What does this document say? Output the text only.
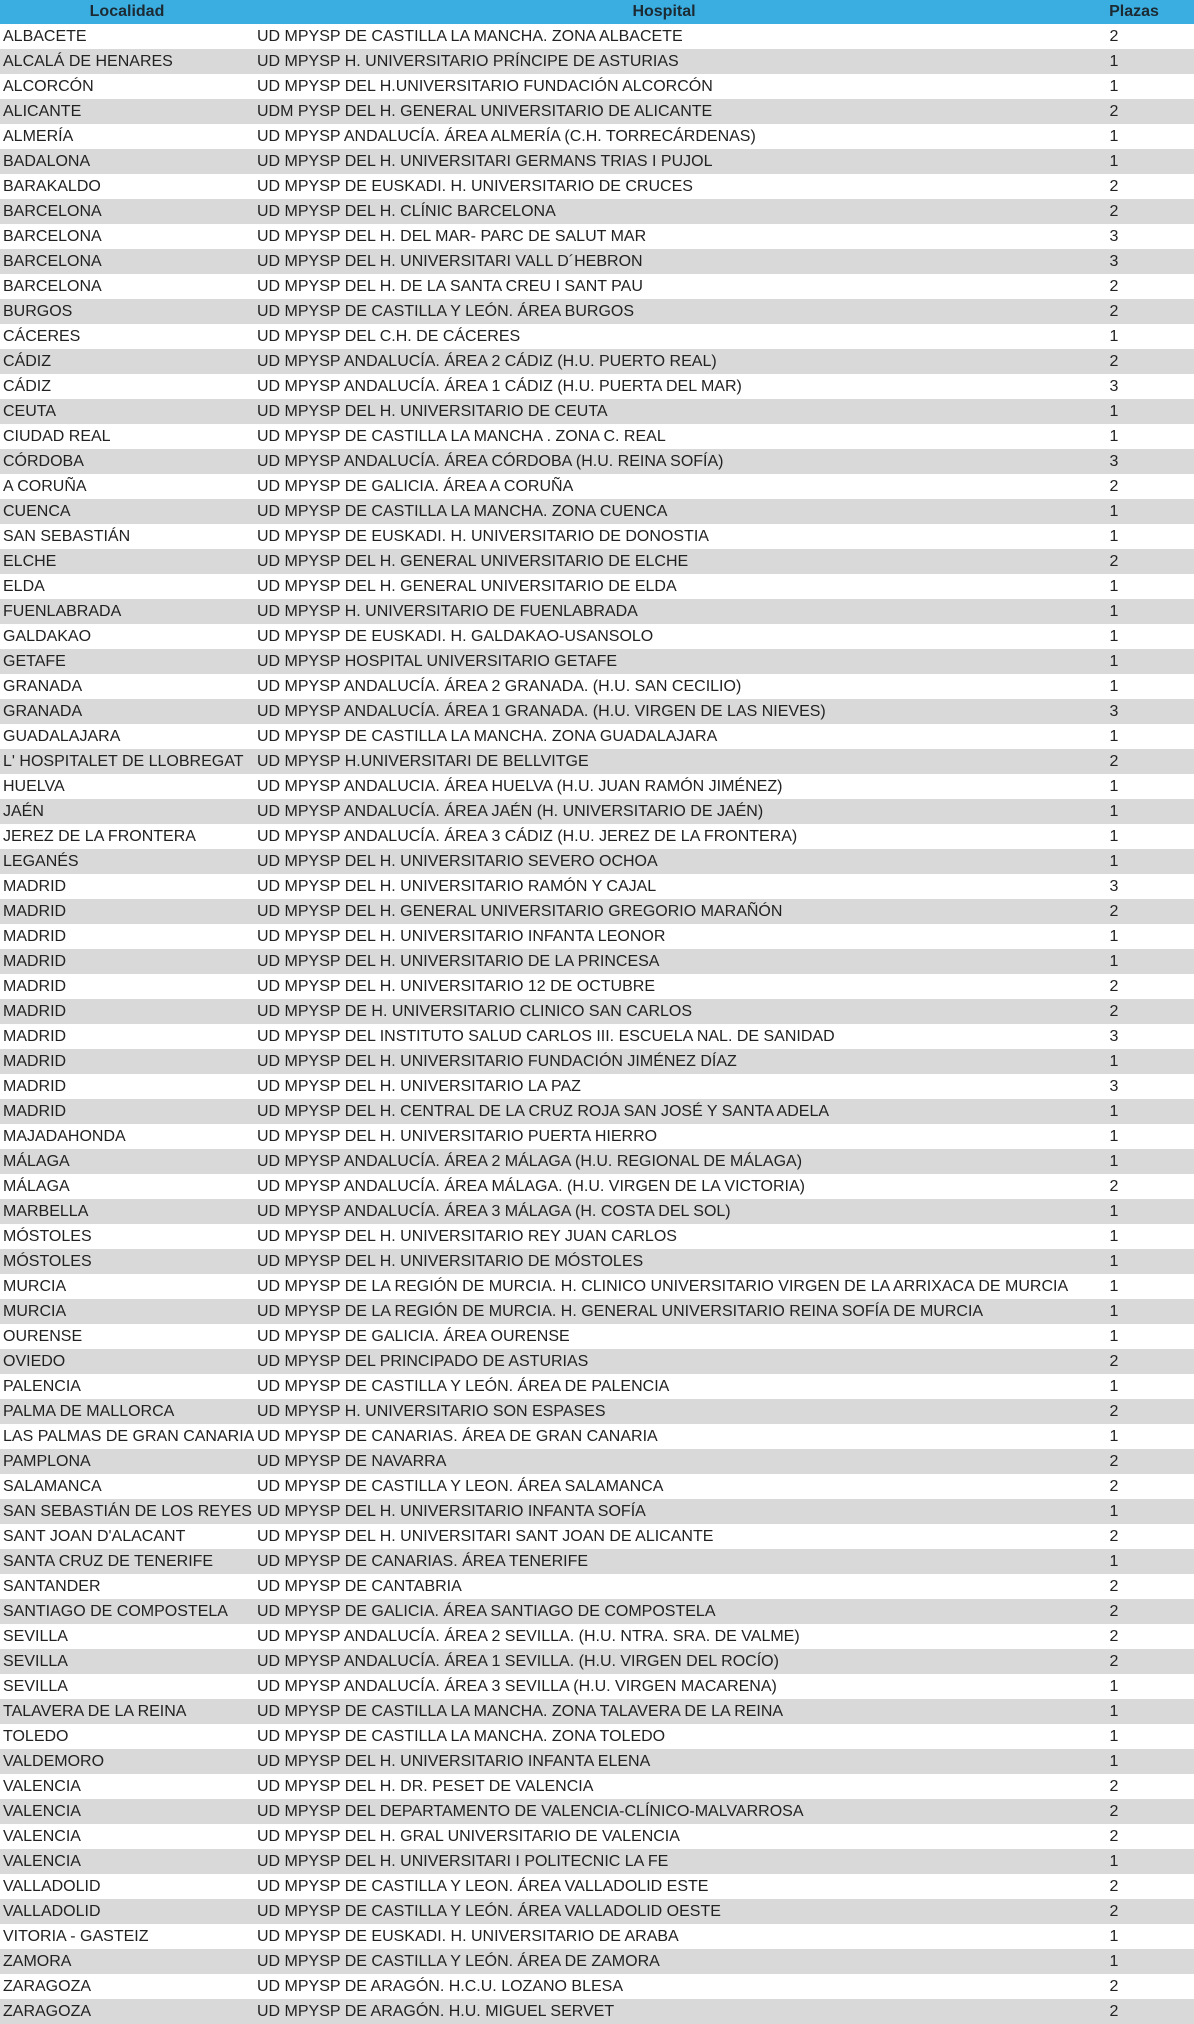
Localidad	Hospital	Plazas
ALBACETE	UD MPYSP DE CASTILLA LA MANCHA. ZONA ALBACETE	2
ALCALÁ DE HENARES	UD MPYSP H. UNIVERSITARIO PRÍNCIPE DE ASTURIAS	1
ALCORCÓN	UD MPYSP DEL H.UNIVERSITARIO FUNDACIÓN ALCORCÓN	1
ALICANTE	UDM PYSP DEL H. GENERAL UNIVERSITARIO DE ALICANTE	2
ALMERÍA	UD MPYSP ANDALUCÍA. ÁREA ALMERÍA (C.H. TORRECÁRDENAS)	1
BADALONA	UD MPYSP DEL H. UNIVERSITARI GERMANS TRIAS I PUJOL	1
BARAKALDO	UD MPYSP DE EUSKADI. H. UNIVERSITARIO DE CRUCES	2
BARCELONA	UD MPYSP DEL H. CLÍNIC BARCELONA	2
BARCELONA	UD MPYSP DEL H. DEL MAR- PARC DE SALUT MAR	3
BARCELONA	UD MPYSP DEL H. UNIVERSITARI VALL D´HEBRON	3
BARCELONA	UD MPYSP DEL H. DE LA SANTA CREU I SANT PAU	2
BURGOS	UD MPYSP DE CASTILLA Y LEÓN. ÁREA BURGOS	2
CÁCERES	UD MPYSP DEL C.H. DE CÁCERES	1
CÁDIZ	UD MPYSP ANDALUCÍA. ÁREA 2 CÁDIZ (H.U. PUERTO REAL)	2
CÁDIZ	UD MPYSP ANDALUCÍA. ÁREA 1 CÁDIZ (H.U. PUERTA DEL MAR)	3
CEUTA	UD MPYSP DEL H. UNIVERSITARIO DE CEUTA	1
CIUDAD REAL	UD MPYSP DE CASTILLA LA MANCHA . ZONA C. REAL	1
CÓRDOBA	UD MPYSP ANDALUCÍA. ÁREA CÓRDOBA (H.U. REINA SOFÍA)	3
A CORUÑA	UD MPYSP DE GALICIA. ÁREA A CORUÑA	2
CUENCA	UD MPYSP DE CASTILLA LA MANCHA. ZONA CUENCA	1
SAN SEBASTIÁN	UD MPYSP DE EUSKADI. H. UNIVERSITARIO DE DONOSTIA	1
ELCHE	UD MPYSP DEL H. GENERAL UNIVERSITARIO DE ELCHE	2
ELDA	UD MPYSP DEL H. GENERAL UNIVERSITARIO DE ELDA	1
FUENLABRADA	UD MPYSP H. UNIVERSITARIO DE FUENLABRADA	1
GALDAKAO	UD MPYSP DE EUSKADI. H. GALDAKAO-USANSOLO	1
GETAFE	UD MPYSP HOSPITAL UNIVERSITARIO GETAFE	1
GRANADA	UD MPYSP ANDALUCÍA. ÁREA 2 GRANADA. (H.U. SAN CECILIO)	1
GRANADA	UD MPYSP ANDALUCÍA. ÁREA 1 GRANADA. (H.U. VIRGEN DE LAS NIEVES)	3
GUADALAJARA	UD MPYSP DE CASTILLA LA MANCHA. ZONA GUADALAJARA	1
L' HOSPITALET DE LLOBREGAT	UD MPYSP H.UNIVERSITARI DE BELLVITGE	2
HUELVA	UD MPYSP ANDALUCIA. ÁREA HUELVA (H.U. JUAN RAMÓN JIMÉNEZ)	1
JAÉN	UD MPYSP ANDALUCÍA. ÁREA JAÉN (H. UNIVERSITARIO DE JAÉN)	1
JEREZ DE LA FRONTERA	UD MPYSP ANDALUCÍA. ÁREA 3 CÁDIZ (H.U. JEREZ DE LA FRONTERA)	1
LEGANÉS	UD MPYSP DEL H. UNIVERSITARIO SEVERO OCHOA	1
MADRID	UD MPYSP DEL H. UNIVERSITARIO RAMÓN Y CAJAL	3
MADRID	UD MPYSP DEL H. GENERAL UNIVERSITARIO GREGORIO MARAÑÓN	2
MADRID	UD MPYSP DEL H. UNIVERSITARIO INFANTA LEONOR	1
MADRID	UD MPYSP DEL H. UNIVERSITARIO DE LA PRINCESA	1
MADRID	UD MPYSP DEL H. UNIVERSITARIO 12 DE OCTUBRE	2
MADRID	UD MPYSP DE H. UNIVERSITARIO CLINICO SAN CARLOS	2
MADRID	UD MPYSP DEL INSTITUTO SALUD CARLOS III. ESCUELA NAL. DE SANIDAD	3
MADRID	UD MPYSP DEL H. UNIVERSITARIO FUNDACIÓN JIMÉNEZ DÍAZ	1
MADRID	UD MPYSP DEL H. UNIVERSITARIO LA PAZ	3
MADRID	UD MPYSP DEL H. CENTRAL DE LA CRUZ ROJA SAN JOSÉ Y SANTA ADELA	1
MAJADAHONDA	UD MPYSP DEL H. UNIVERSITARIO PUERTA HIERRO	1
MÁLAGA	UD MPYSP ANDALUCÍA. ÁREA 2 MÁLAGA (H.U. REGIONAL DE MÁLAGA)	1
MÁLAGA	UD MPYSP ANDALUCÍA. ÁREA MÁLAGA. (H.U. VIRGEN DE LA VICTORIA)	2
MARBELLA	UD MPYSP ANDALUCÍA. ÁREA 3 MÁLAGA (H. COSTA DEL SOL)	1
MÓSTOLES	UD MPYSP DEL H. UNIVERSITARIO REY JUAN CARLOS	1
MÓSTOLES	UD MPYSP DEL H. UNIVERSITARIO DE MÓSTOLES	1
MURCIA	UD MPYSP DE LA REGIÓN DE MURCIA. H. CLINICO UNIVERSITARIO VIRGEN DE LA ARRIXACA DE MURCIA	1
MURCIA	UD MPYSP DE LA REGIÓN DE MURCIA. H. GENERAL UNIVERSITARIO REINA SOFÍA DE MURCIA	1
OURENSE	UD MPYSP DE GALICIA. ÁREA OURENSE	1
OVIEDO	UD MPYSP DEL PRINCIPADO DE ASTURIAS	2
PALENCIA	UD MPYSP DE CASTILLA Y LEÓN. ÁREA DE PALENCIA	1
PALMA DE MALLORCA	UD MPYSP H. UNIVERSITARIO SON ESPASES	2
LAS PALMAS DE GRAN CANARIA	UD MPYSP DE CANARIAS. ÁREA DE GRAN CANARIA	1
PAMPLONA	UD MPYSP DE NAVARRA	2
SALAMANCA	UD MPYSP DE CASTILLA Y LEON. ÁREA SALAMANCA	2
SAN SEBASTIÁN DE LOS REYES	UD MPYSP DEL H. UNIVERSITARIO INFANTA SOFÍA	1
SANT JOAN D'ALACANT	UD MPYSP DEL H. UNIVERSITARI SANT JOAN DE ALICANTE	2
SANTA CRUZ DE TENERIFE	UD MPYSP DE CANARIAS. ÁREA TENERIFE	1
SANTANDER	UD MPYSP DE CANTABRIA	2
SANTIAGO DE COMPOSTELA	UD MPYSP DE GALICIA. ÁREA SANTIAGO DE COMPOSTELA	2
SEVILLA	UD MPYSP ANDALUCÍA. ÁREA 2 SEVILLA. (H.U. NTRA. SRA. DE VALME)	2
SEVILLA	UD MPYSP ANDALUCÍA. ÁREA 1 SEVILLA. (H.U. VIRGEN DEL ROCÍO)	2
SEVILLA	UD MPYSP ANDALUCÍA. ÁREA 3 SEVILLA (H.U. VIRGEN MACARENA)	1
TALAVERA DE LA REINA	UD MPYSP DE CASTILLA LA MANCHA. ZONA TALAVERA DE LA REINA	1
TOLEDO	UD MPYSP DE CASTILLA LA MANCHA. ZONA TOLEDO	1
VALDEMORO	UD MPYSP DEL H. UNIVERSITARIO INFANTA ELENA	1
VALENCIA	UD MPYSP DEL H. DR. PESET DE VALENCIA	2
VALENCIA	UD MPYSP DEL DEPARTAMENTO DE VALENCIA-CLÍNICO-MALVARROSA	2
VALENCIA	UD MPYSP DEL H. GRAL UNIVERSITARIO DE VALENCIA	2
VALENCIA	UD MPYSP DEL H. UNIVERSITARI I POLITECNIC LA FE	1
VALLADOLID	UD MPYSP DE CASTILLA Y LEON. ÁREA VALLADOLID ESTE	2
VALLADOLID	UD MPYSP DE CASTILLA Y LEÓN. ÁREA VALLADOLID OESTE	2
VITORIA - GASTEIZ	UD MPYSP DE EUSKADI. H. UNIVERSITARIO DE ARABA	1
ZAMORA	UD MPYSP DE CASTILLA Y LEÓN. ÁREA DE ZAMORA	1
ZARAGOZA	UD MPYSP DE ARAGÓN. H.C.U. LOZANO BLESA	2
ZARAGOZA	UD MPYSP DE ARAGÓN. H.U. MIGUEL SERVET	2
